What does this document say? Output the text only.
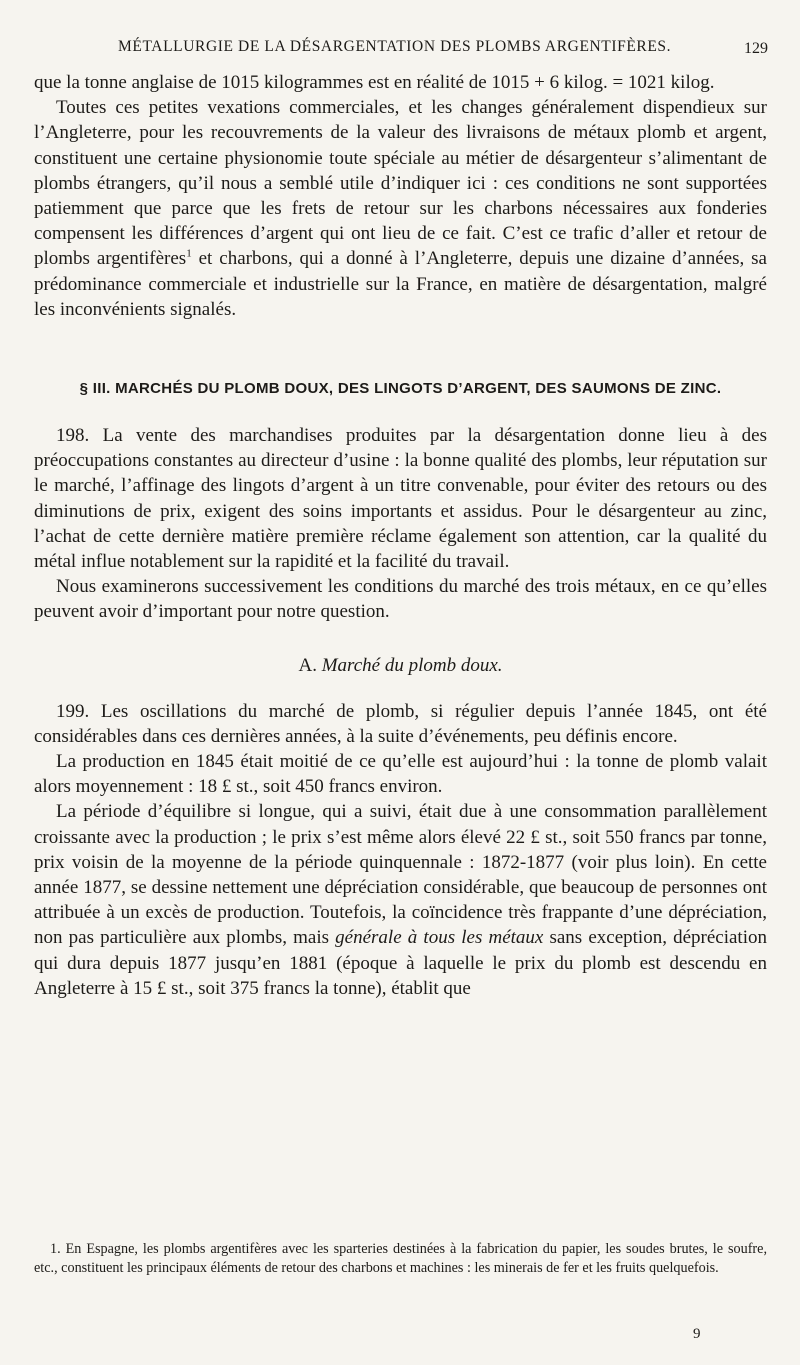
MÉTALLURGIE DE LA DÉSARGENTATION DES PLOMBS ARGENTIFÈRES.	129

que la tonne anglaise de 1015 kilogrammes est en réalité de 1015 + 6 kilog. = 1021 kilog.

Toutes ces petites vexations commerciales, et les changes généralement dispendieux sur l’Angleterre, pour les recouvrements de la valeur des livraisons de métaux plomb et argent, constituent une certaine physionomie toute spéciale au métier de désargenteur s’alimentant de plombs étrangers, qu’il nous a semblé utile d’indiquer ici : ces conditions ne sont supportées patiemment que parce que les frets de retour sur les charbons nécessaires aux fonderies compensent les différences d’argent qui ont lieu de ce fait. C’est ce trafic d’aller et retour de plombs argentifères$^1$ et charbons, qui a donné à l’Angleterre, depuis une dizaine d’années, sa prédominance commerciale et industrielle sur la France, en matière de désargentation, malgré les inconvénients signalés.

§ III. MARCHÉS DU PLOMB DOUX, DES LINGOTS D’ARGENT, DES SAUMONS DE ZINC.

198. La vente des marchandises produites par la désargentation donne lieu à des préoccupations constantes au directeur d’usine : la bonne qualité des plombs, leur réputation sur le marché, l’affinage des lingots d’argent à un titre convenable, pour éviter des retours ou des diminutions de prix, exigent des soins importants et assidus. Pour le désargenteur au zinc, l’achat de cette dernière matière première réclame également son attention, car la qualité du métal influe notablement sur la rapidité et la facilité du travail.

Nous examinerons successivement les conditions du marché des trois métaux, en ce qu’elles peuvent avoir d’important pour notre question.

A. Marché du plomb doux.

199. Les oscillations du marché de plomb, si régulier depuis l’année 1845, ont été considérables dans ces dernières années, à la suite d’événements, peu définis encore.

La production en 1845 était moitié de ce qu’elle est aujourd’hui : la tonne de plomb valait alors moyennement : 18 £ st., soit 450 francs environ.

La période d’équilibre si longue, qui a suivi, était due à une consommation parallèlement croissante avec la production ; le prix s’est même alors élevé 22 £ st., soit 550 francs par tonne, prix voisin de la moyenne de la période quinquennale : 1872-1877 (voir plus loin). En cette année 1877, se dessine nettement une dépréciation considérable, que beaucoup de personnes ont attribuée à un excès de production. Toutefois, la coïncidence très frappante d’une dépréciation, non pas particulière aux plombs, mais générale à tous les métaux sans exception, dépréciation qui dura depuis 1877 jusqu’en 1881 (époque à laquelle le prix du plomb est descendu en Angleterre à 15 £ st., soit 375 francs la tonne), établit que

1. En Espagne, les plombs argentifères avec les sparteries destinées à la fabrication du papier, les soudes brutes, le soufre, etc., constituent les principaux éléments de retour des charbons et machines : les minerais de fer et les fruits quelquefois.

9
